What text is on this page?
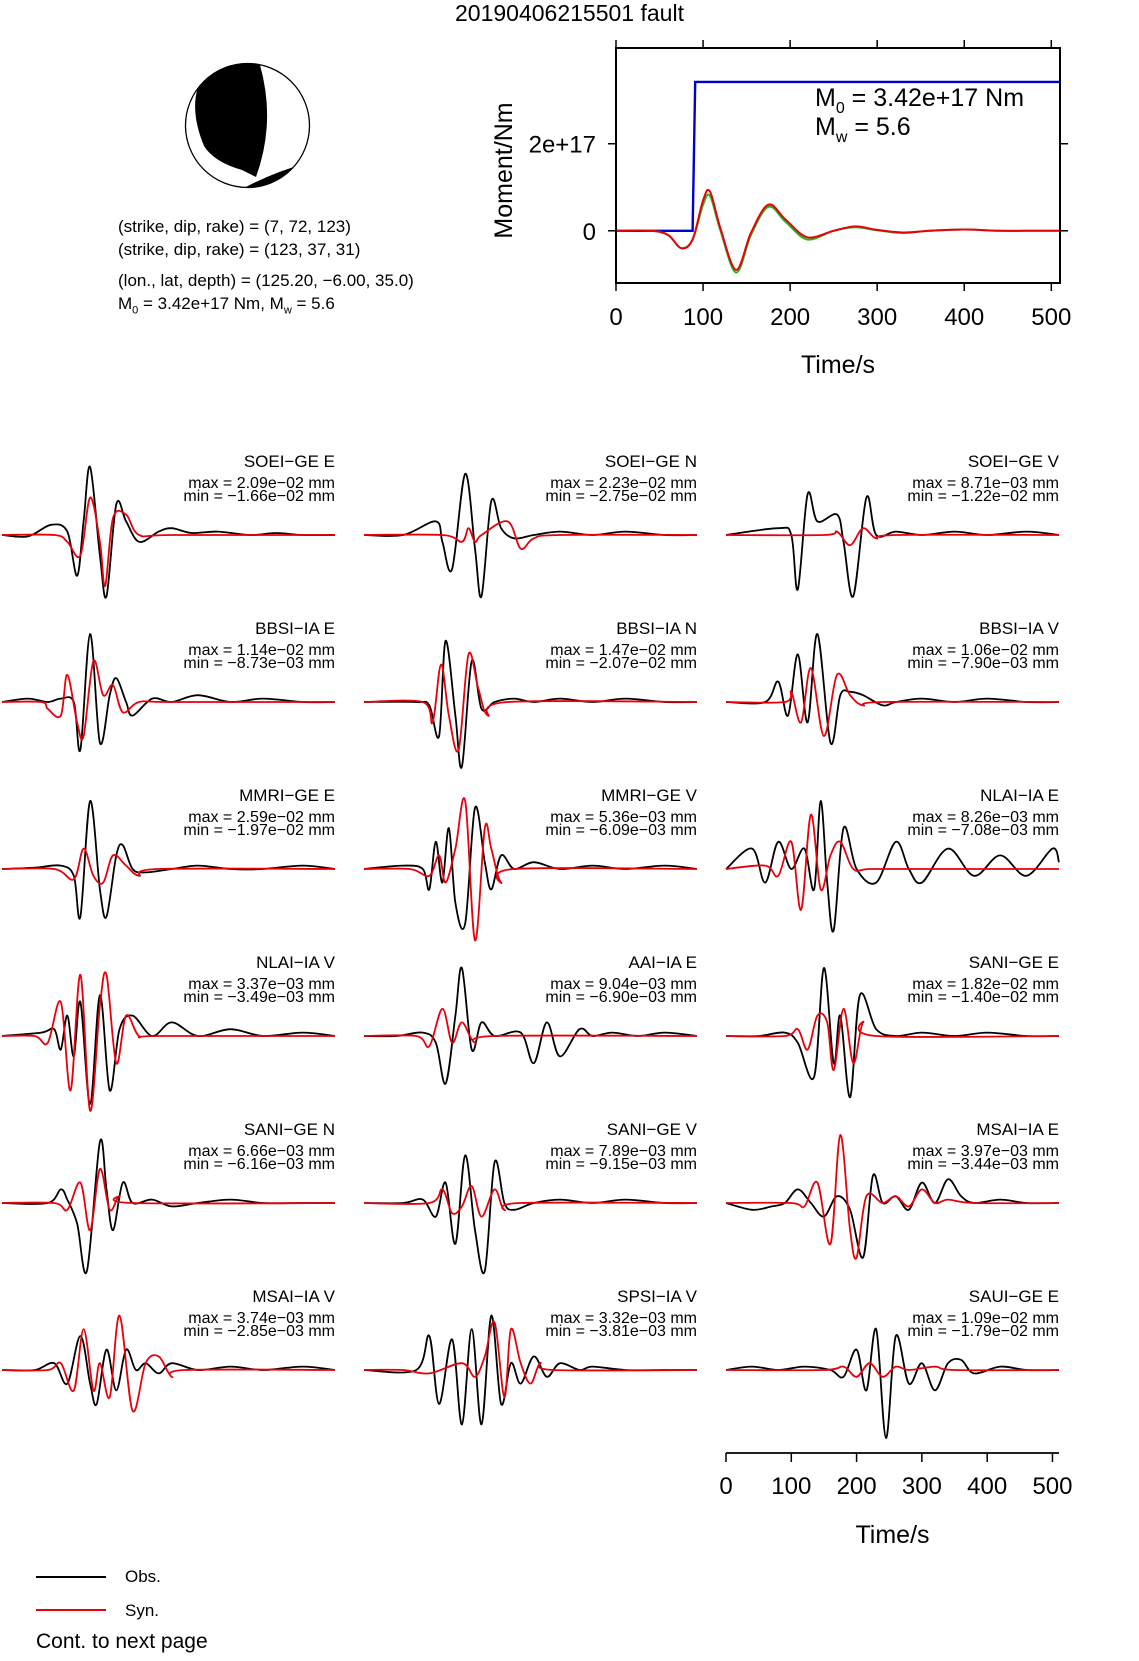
20190406215501 fault
(strike, dip, rake) = (7, 72, 123)
(strike, dip, rake) = (123, 37, 31)
(lon., lat, depth) = (125.20, −6.00, 35.0)
$M_0 = 3.42e+17$ Nm, $M_w = 5.6$
0	100 200 300 400 500
0
2e+17
Time/s
Moment/Nm
$M_0 = 3.42e+17$ Nm
$M_w = 5.6$
SOEI−GE E
max = 2.09e−02 mm
min = −1.66e−02 mm
SOEI−GE N
max = 2.23e−02 mm
min = −2.75e−02 mm
SOEI−GE V
max = 8.71e−03 mm
min = −1.22e−02 mm
BBSI−IA E
max = 1.14e−02 mm
min = −8.73e−03 mm
BBSI−IA N
max = 1.47e−02 mm
min = −2.07e−02 mm
BBSI−IA V
max = 1.06e−02 mm
min = −7.90e−03 mm
MMRI−GE E
max = 2.59e−02 mm
min = −1.97e−02 mm
MMRI−GE V
max = 5.36e−03 mm
min = −6.09e−03 mm
NLAI−IA E
max = 8.26e−03 mm
min = −7.08e−03 mm
NLAI−IA V
max = 3.37e−03 mm
min = −3.49e−03 mm
AAI−IA E
max = 9.04e−03 mm
min = −6.90e−03 mm
SANI−GE E
max = 1.82e−02 mm
min = −1.40e−02 mm
SANI−GE N
max = 6.66e−03 mm
min = −6.16e−03 mm
SANI−GE V
max = 7.89e−03 mm
min = −9.15e−03 mm
MSAI−IA E
max = 3.97e−03 mm
min = −3.44e−03 mm
MSAI−IA V
max = 3.74e−03 mm
min = −2.85e−03 mm
SPSI−IA V
max = 3.32e−03 mm
min = −3.81e−03 mm
SAUI−GE E
max = 1.09e−02 mm
min = −1.79e−02 mm
0 100 200 300 400 500
Time/s
Obs.
Syn.
Cont. to next page
